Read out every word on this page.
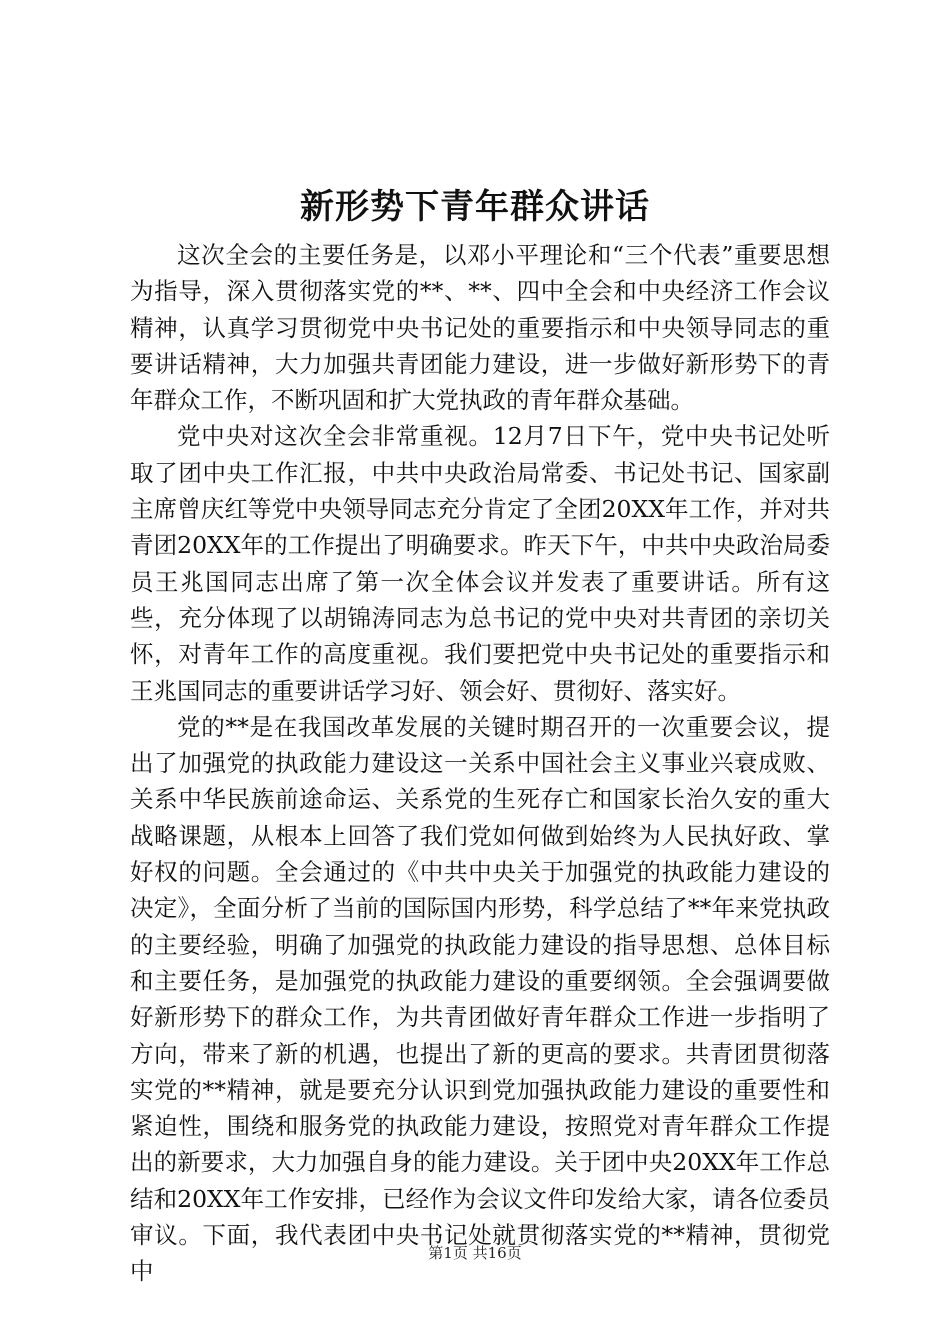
新形势下青年群众讲话

这次全会的主要任务是，以邓小平理论和“三个代表”重要思想为指导，深入贯彻落实党的**、**、四中全会和中央经济工作会议精神，认真学习贯彻党中央书记处的重要指示和中央领导同志的重要讲话精神，大力加强共青团能力建设，进一步做好新形势下的青年群众工作，不断巩固和扩大党执政的青年群众基础。

党中央对这次全会非常重视。12月7日下午，党中央书记处听取了团中央工作汇报，中共中央政治局常委、书记处书记、国家副主席曾庆红等党中央领导同志充分肯定了全团20XX年工作，并对共青团20XX年的工作提出了明确要求。昨天下午，中共中央政治局委员王兆国同志出席了第一次全体会议并发表了重要讲话。所有这些，充分体现了以胡锦涛同志为总书记的党中央对共青团的亲切关怀，对青年工作的高度重视。我们要把党中央书记处的重要指示和王兆国同志的重要讲话学习好、领会好、贯彻好、落实好。

党的**是在我国改革发展的关键时期召开的一次重要会议，提出了加强党的执政能力建设这一关系中国社会主义事业兴衰成败、关系中华民族前途命运、关系党的生死存亡和国家长治久安的重大战略课题，从根本上回答了我们党如何做到始终为人民执好政、掌好权的问题。全会通过的《中共中央关于加强党的执政能力建设的决定》，全面分析了当前的国际国内形势，科学总结了**年来党执政的主要经验，明确了加强党的执政能力建设的指导思想、总体目标和主要任务，是加强党的执政能力建设的重要纲领。全会强调要做好新形势下的群众工作，为共青团做好青年群众工作进一步指明了方向，带来了新的机遇，也提出了新的更高的要求。共青团贯彻落实党的**精神，就是要充分认识到党加强执政能力建设的重要性和紧迫性，围绕和服务党的执政能力建设，按照党对青年群众工作提出的新要求，大力加强自身的能力建设。关于团中央20XX年工作总结和20XX年工作安排，已经作为会议文件印发给大家，请各位委员审议。下面，我代表团中央书记处就贯彻落实党的**精神，贯彻党中

第1页 共16页
